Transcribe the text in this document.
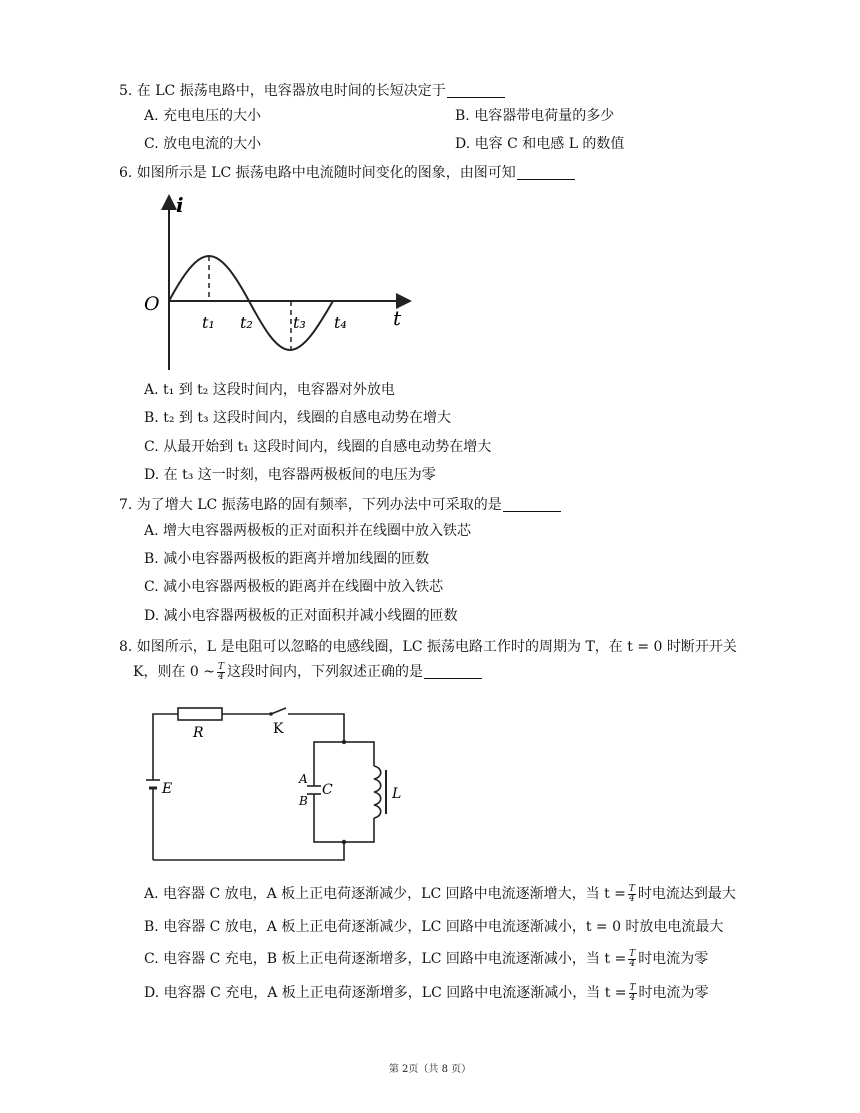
5. 在 LC 振荡电路中，电容器放电时间的长短决定于
A. 充电电压的大小	B. 电容器带电荷量的多少
C. 放电电流的大小	D. 电容 C 和电感 L 的数值
6. 如图所示是 LC 振荡电路中电流随时间变化的图象，由图可知
i
t
O
t₁ t₂	t₃ t₄
A. t₁ 到 t₂ 这段时间内，电容器对外放电
B. t₂ 到 t₃ 这段时间内，线圈的自感电动势在增大
C. 从最开始到 t₁ 这段时间内，线圈的自感电动势在增大
D. 在 t₃ 这一时刻，电容器两极板间的电压为零
7. 为了增大 LC 振荡电路的固有频率，下列办法中可采取的是
A. 增大电容器两极板的正对面积并在线圈中放入铁芯
B. 减小电容器两极板的距离并增加线圈的匝数
C. 减小电容器两极板的距离并在线圈中放入铁芯
D. 减小电容器两极板的正对面积并减小线圈的匝数
8. 如图所示，L 是电阻可以忽略的电感线圈，LC 振荡电路工作时的周期为 T，在 t = 0 时断开开关
K，则在 0 ~ $\frac{T}{4}$ 这段时间内，下列叙述正确的是
R	K
E
A
B
C	L
A. 电容器 C 放电，A 板上正电荷逐渐减少，LC 回路中电流逐渐增大，当 $t = \frac{T}{4}$ 时电流达到最大
B. 电容器 C 放电，A 板上正电荷逐渐减少，LC 回路中电流逐渐减小，t = 0 时放电电流最大
C. 电容器 C 充电，B 板上正电荷逐渐增多，LC 回路中电流逐渐减小，当 $t = \frac{T}{4}$ 时电流为零
D. 电容器 C 充电，A 板上正电荷逐渐增多，LC 回路中电流逐渐减小，当 $t = \frac{T}{4}$ 时电流为零
第 2页（共 8 页）
